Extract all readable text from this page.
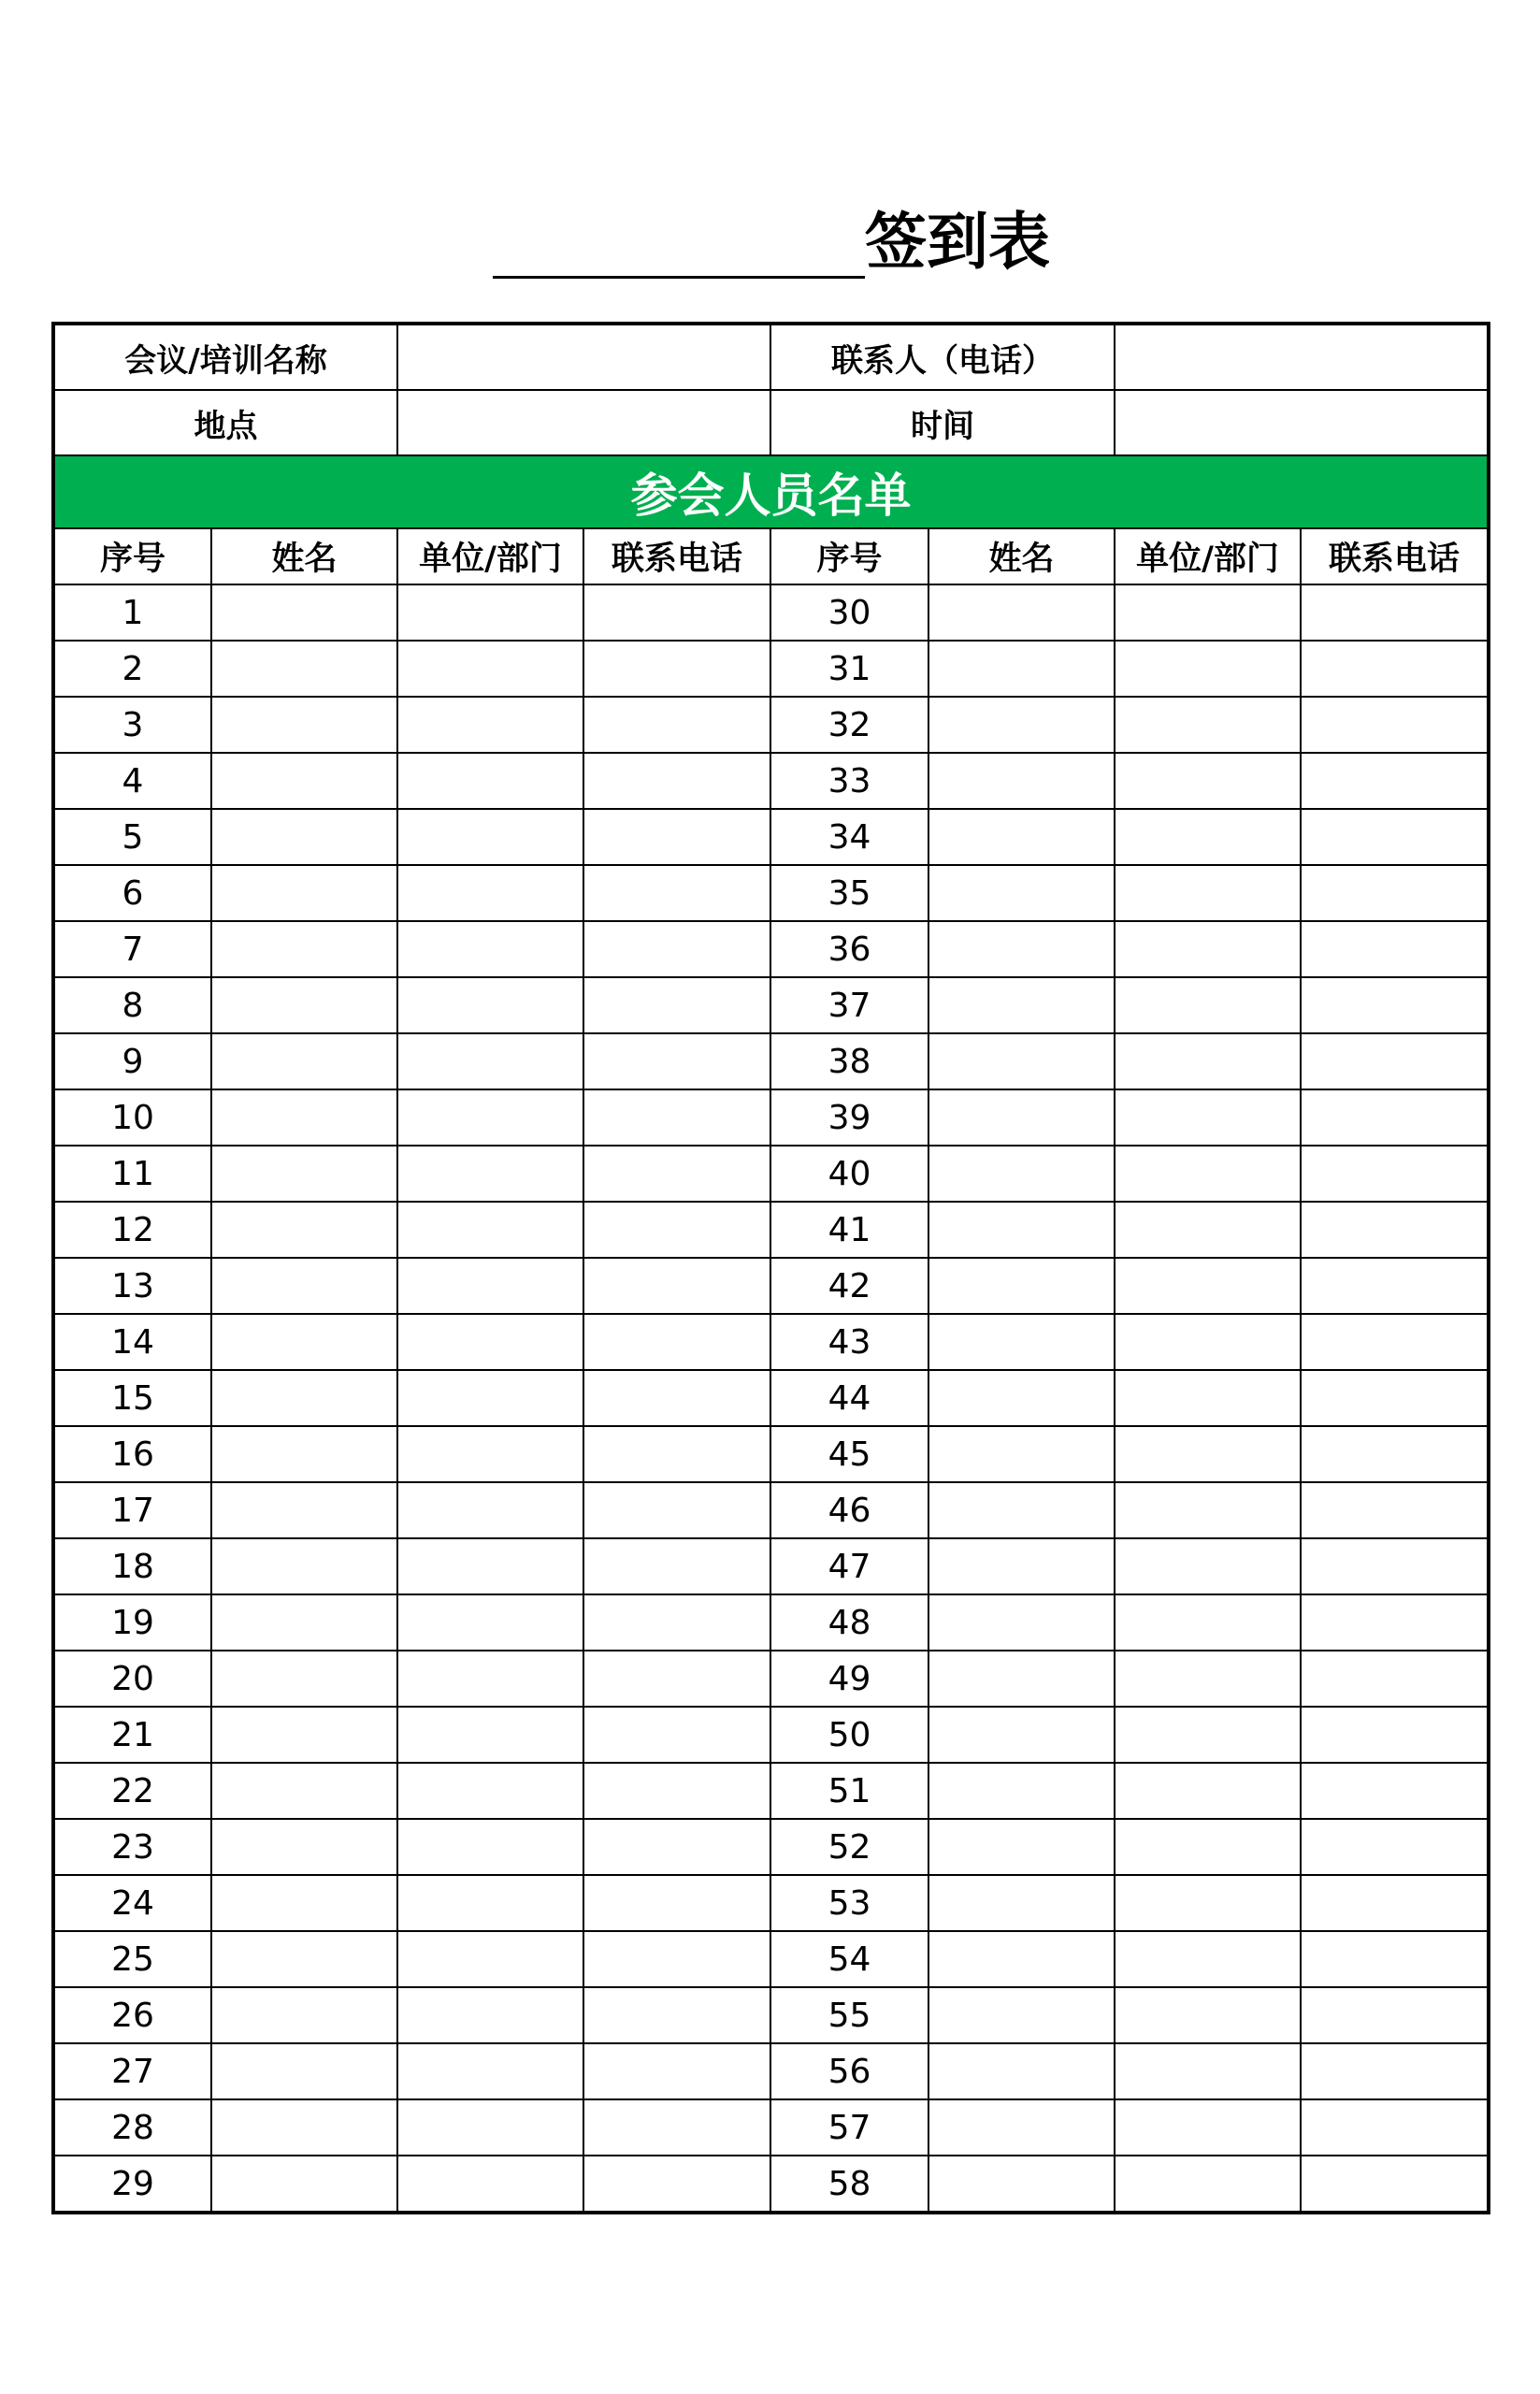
签到表
会议/培训名称				联系人（电话）			
地点				时间			
参会人员名单							
序号	姓名	单位/部门	联系电话	序号	姓名	单位/部门	联系电话
1				30			
2				31			
3				32			
4				33			
5				34			
6				35			
7				36			
8				37			
9				38			
10				39			
11				40			
12				41			
13				42			
14				43			
15				44			
16				45			
17				46			
18				47			
19				48			
20				49			
21				50			
22				51			
23				52			
24				53			
25				54			
26				55			
27				56			
28				57			
29				58			
